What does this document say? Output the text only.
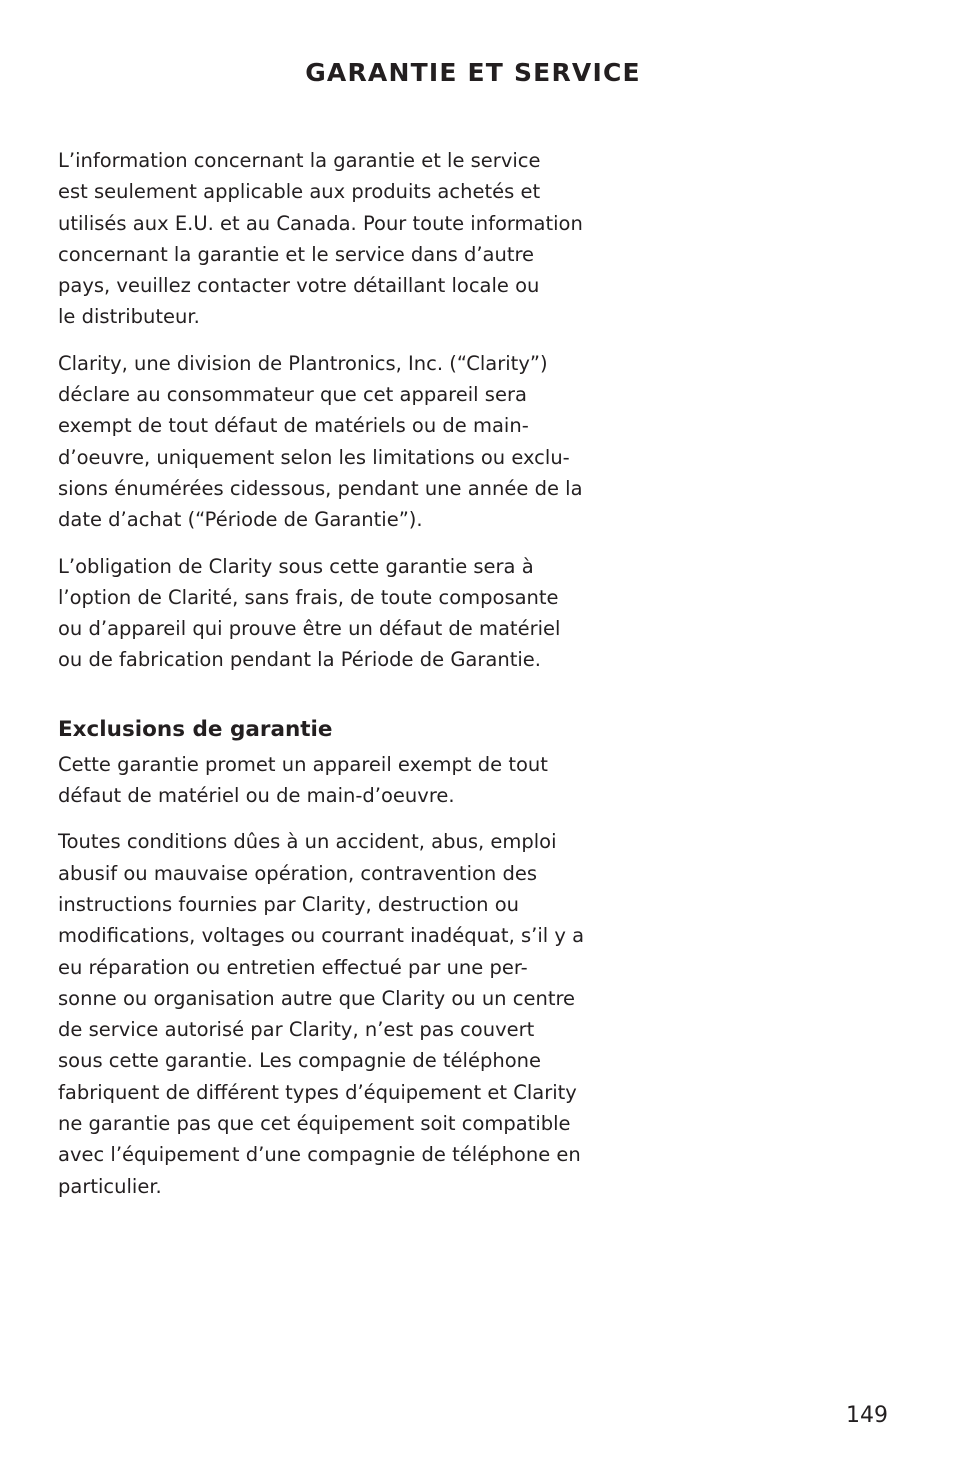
GARANTIE ET SERVICE

L’information concernant la garantie et le service
est seulement applicable aux produits achetés et
utilisés aux E.U. et au Canada. Pour toute information
concernant la garantie et le service dans d’autre
pays, veuillez contacter votre détaillant locale ou
le distributeur.

Clarity, une division de Plantronics, Inc. (“Clarity”)
déclare au consommateur que cet appareil sera
exempt de tout défaut de matériels ou de main-
d’oeuvre, uniquement selon les limitations ou exclu-
sions énumérées cidessous, pendant une année de la
date d’achat (“Période de Garantie”).

L’obligation de Clarity sous cette garantie sera à
l’option de Clarité, sans frais, de toute composante
ou d’appareil qui prouve être un défaut de matériel
ou de fabrication pendant la Période de Garantie.

Exclusions de garantie

Cette garantie promet un appareil exempt de tout
défaut de matériel ou de main-d’oeuvre.

Toutes conditions dûes à un accident, abus, emploi
abusif ou mauvaise opération, contravention des
instructions fournies par Clarity, destruction ou
modifications, voltages ou courrant inadéquat, s’il y a
eu réparation ou entretien effectué par une per-
sonne ou organisation autre que Clarity ou un centre
de service autorisé par Clarity, n’est pas couvert
sous cette garantie. Les compagnie de téléphone
fabriquent de différent types d’équipement et Clarity
ne garantie pas que cet équipement soit compatible
avec l’équipement d’une compagnie de téléphone en
particulier.

149
